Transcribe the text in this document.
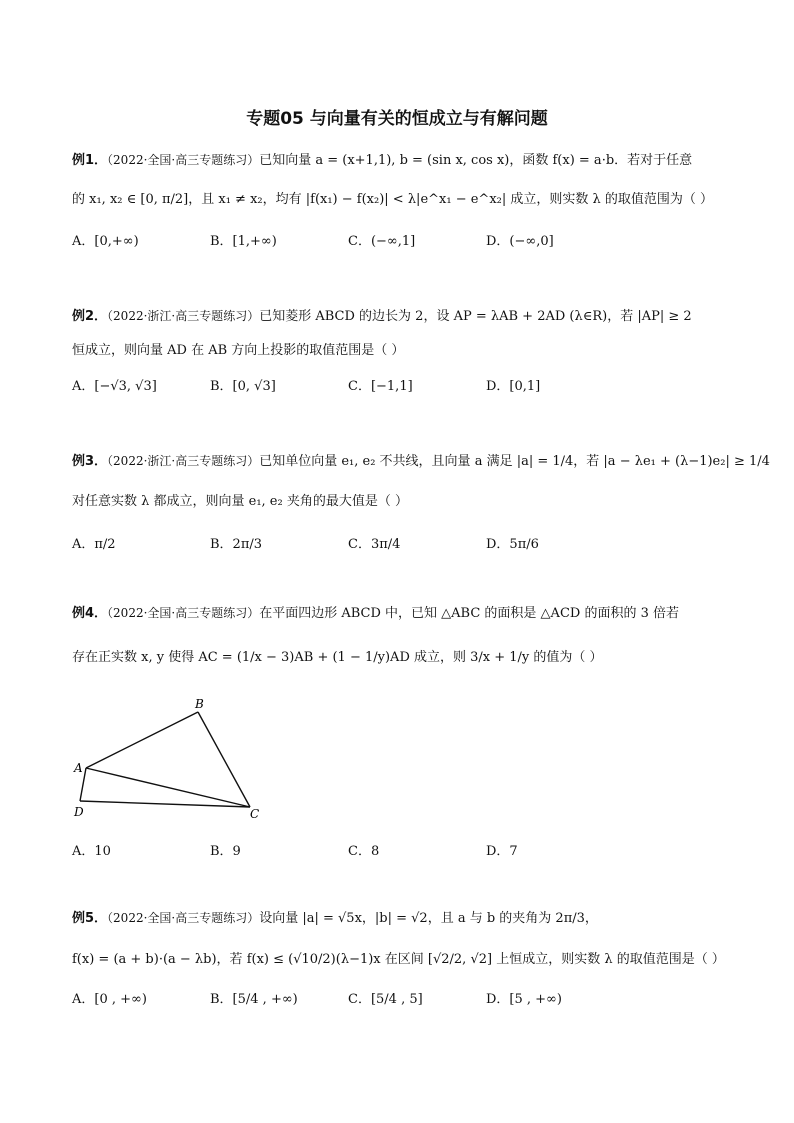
专题05 与向量有关的恒成立与有解问题
例1．（2022·全国·高三专题练习）已知向量 a = (x+1,1), b = (sin x, cos x)，函数 f(x) = a·b．若对于任意
的 x₁, x₂ ∈ [0, π/2]，且 x₁ ≠ x₂，均有 |f(x₁) − f(x₂)| < λ|e^x₁ − e^x₂| 成立，则实数 λ 的取值范围为（ ）
A．[0,+∞)	B．[1,+∞)	C．(−∞,1]	D．(−∞,0]
例2．（2022·浙江·高三专题练习）已知菱形 ABCD 的边长为 2，设 AP = λAB + 2AD (λ∈R)，若 |AP| ≥ 2
恒成立，则向量 AD 在 AB 方向上投影的取值范围是（ ）
A．[−√3, √3]	B．[0, √3]	C．[−1,1]	D．[0,1]
例3．（2022·浙江·高三专题练习）已知单位向量 e₁, e₂ 不共线，且向量 a 满足 |a| = 1/4，若 |a − λe₁ + (λ−1)e₂| ≥ 1/4
对任意实数 λ 都成立，则向量 e₁, e₂ 夹角的最大值是（ ）
A．π/2	B．2π/3	C．3π/4	D．5π/6
例4．（2022·全国·高三专题练习）在平面四边形 ABCD 中，已知 △ABC 的面积是 △ACD 的面积的 3 倍若
存在正实数 x, y 使得 AC = (1/x − 3)AB + (1 − 1/y)AD 成立，则 3/x + 1/y 的值为（ ）
B
A
D	C
A．10	B．9	C．8	D．7
例5．（2022·全国·高三专题练习）设向量 |a| = √5x，|b| = √2，且 a 与 b 的夹角为 2π/3，
f(x) = (a + b)·(a − λb)，若 f(x) ≤ (√10/2)(λ−1)x 在区间 [√2/2, √2] 上恒成立，则实数 λ 的取值范围是（ ）
A．[0 , +∞)	B．[5/4 , +∞)	C．[5/4 , 5]	D．[5 , +∞)
